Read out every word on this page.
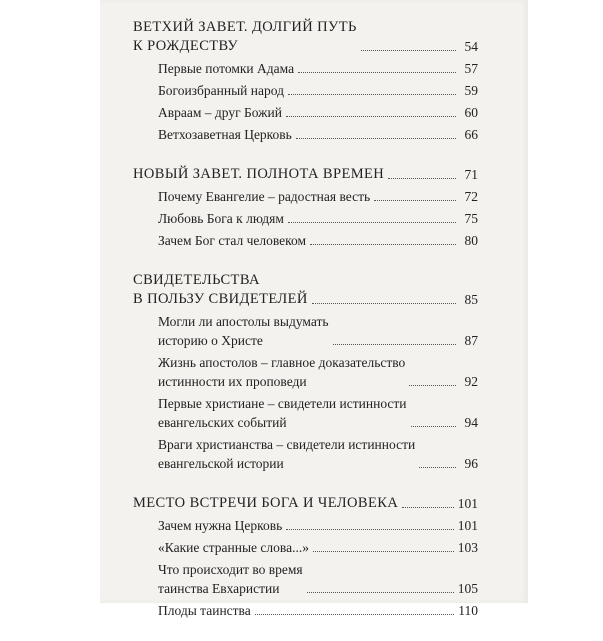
ВЕТХИЙ ЗАВЕТ. ДОЛГИЙ ПУТЬ
К РОЖДЕСТВУ	54
Первые потомки Адама	57
Богоизбранный народ	59
Авраам – друг Божий	60
Ветхозаветная Церковь	66
НОВЫЙ ЗАВЕТ. ПОЛНОТА ВРЕМЕН	71
Почему Евангелие – радостная весть	72
Любовь Бога к людям	75
Зачем Бог стал человеком	80
СВИДЕТЕЛЬСТВА
В ПОЛЬЗУ СВИДЕТЕЛЕЙ	85
Могли ли апостолы выдумать
историю о Христе	87
Жизнь апостолов – главное доказательство
истинности их проповеди	92
Первые христиане – свидетели истинности
евангельских событий	94
Враги христианства – свидетели истинности
евангельской истории	96
МЕСТО ВСТРЕЧИ БОГА И ЧЕЛОВЕКА	101
Зачем нужна Церковь	101
«Какие странные слова...»	103
Что происходит во время
таинства Евхаристии	105
Плоды таинства	110
